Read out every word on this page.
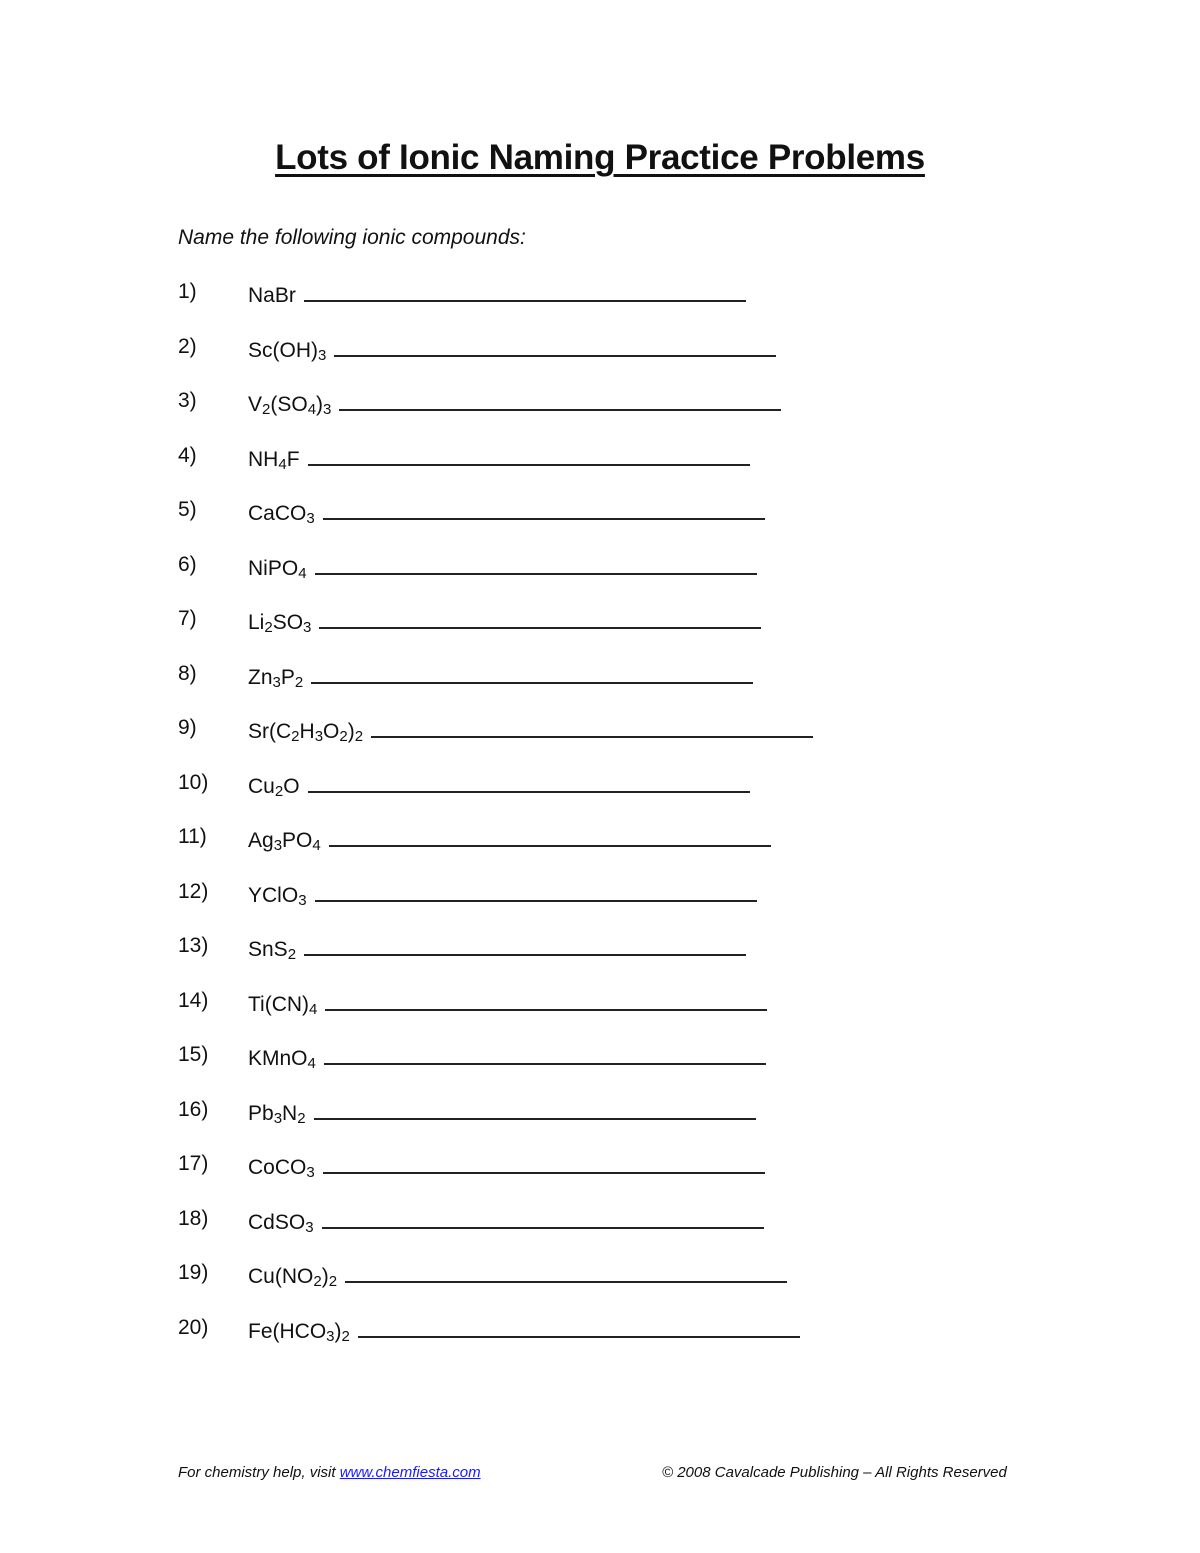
Lots of Ionic Naming Practice Problems
Name the following ionic compounds:
1) NaBr
2) $Sc(OH)_3$
3) $V_2(SO_4)_3$
4) $NH_4F$
5) CaCO$_3$
6) NiPO$_4$
7) $Li_2SO_3$
8) $Zn_3P_2$
9) $Sr(C_2H_3O_2)_2$
10) $Cu_2O$
11) $Ag_3PO_4$
12) YClO$_3$
13) SnS$_2$
14) $Ti(CN)_4$
15) KMnO$_4$
16) $Pb_3N_2$
17) CoCO$_3$
18) CdSO$_3$
19) $Cu(NO_2)_2$
20) $Fe(HCO_3)_2$
For chemistry help, visit www.chemfiesta.com	© 2008 Cavalcade Publishing – All Rights Reserved
